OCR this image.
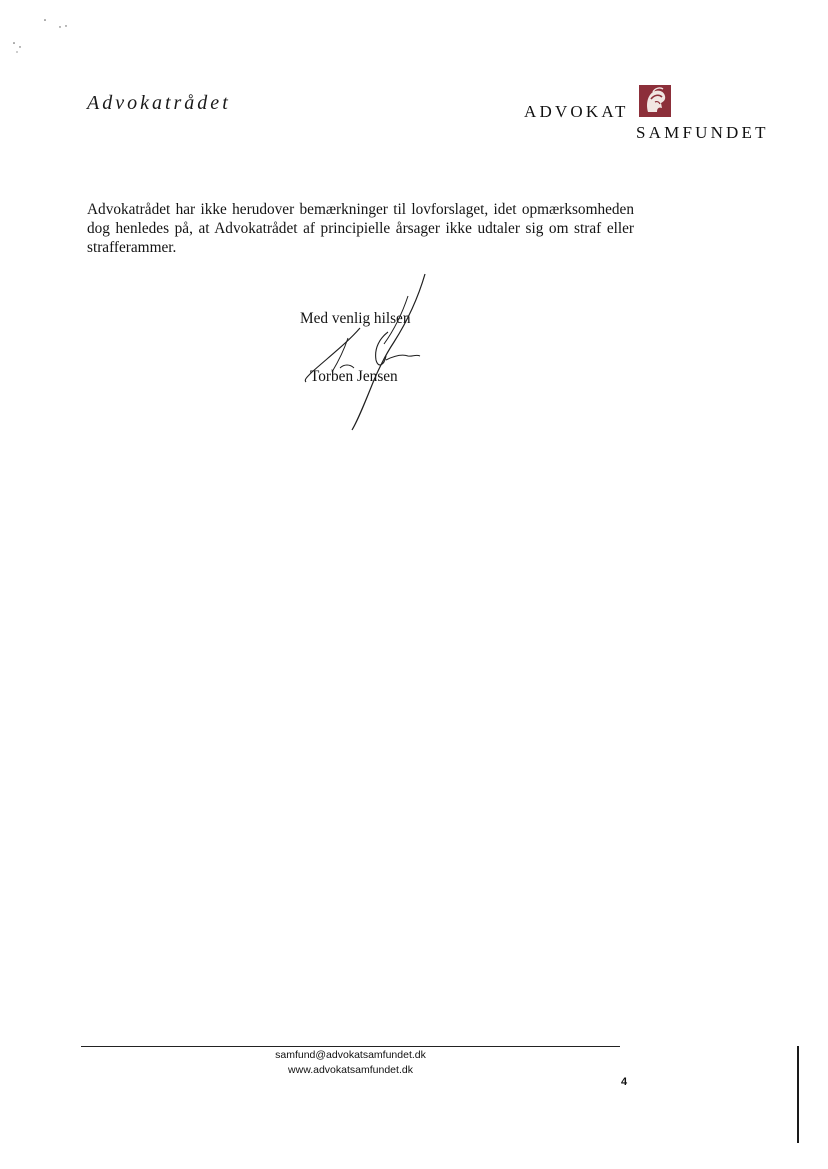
Advokatrådet	ADVOKAT
SAMFUNDET

Advokatrådet har ikke herudover bemærkninger til lovforslaget, idet opmærksomheden dog henledes på, at Advokatrådet af principielle årsager ikke udtaler sig om straf eller strafferammer.

Med venlig hilsen
Torben Jensen
samfund@advokatsamfundet.dk
www.advokatsamfundet.dk
4
